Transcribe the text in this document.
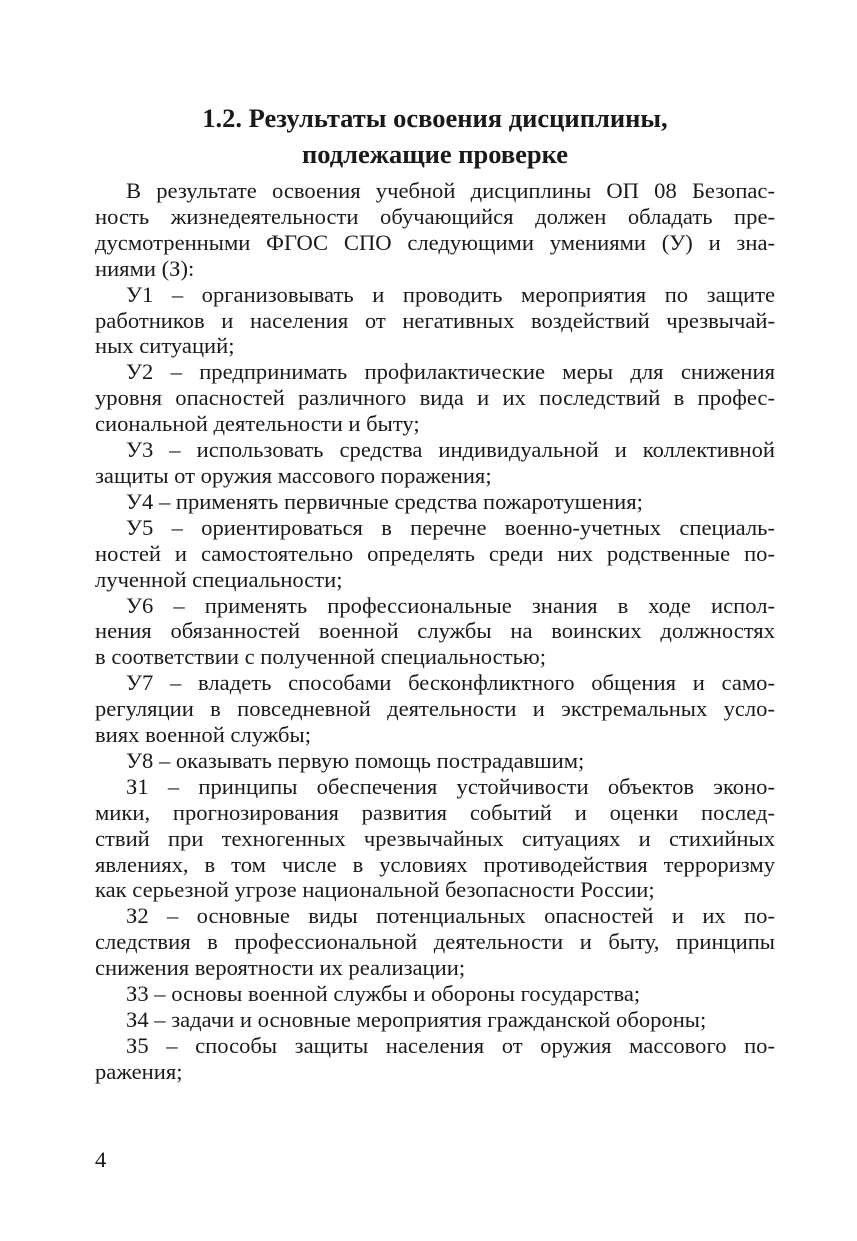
1.2. Результаты освоения дисциплины,
подлежащие проверке

В результате освоения учебной дисциплины ОП 08 Безопас-
ность жизнедеятельности обучающийся должен обладать пре-
дусмотренными ФГОС СПО следующими умениями (У) и зна-
ниями (З):

У1 – организовывать и проводить мероприятия по защите
работников и населения от негативных воздействий чрезвычай-
ных ситуаций;

У2 – предпринимать профилактические меры для снижения
уровня опасностей различного вида и их последствий в профес-
сиональной деятельности и быту;

У3 – использовать средства индивидуальной и коллективной
защиты от оружия массового поражения;

У4 – применять первичные средства пожаротушения;

У5 – ориентироваться в перечне военно-учетных специаль-
ностей и самостоятельно определять среди них родственные по-
лученной специальности;

У6 – применять профессиональные знания в ходе испол-
нения обязанностей военной службы на воинских должностях
в соответствии с полученной специальностью;

У7 – владеть способами бесконфликтного общения и само-
регуляции в повседневной деятельности и экстремальных усло-
виях военной службы;

У8 – оказывать первую помощь пострадавшим;

З1 – принципы обеспечения устойчивости объектов эконо-
мики, прогнозирования развития событий и оценки послед-
ствий при техногенных чрезвычайных ситуациях и стихийных
явлениях, в том числе в условиях противодействия терроризму
как серьезной угрозе национальной безопасности России;

З2 – основные виды потенциальных опасностей и их по-
следствия в профессиональной деятельности и быту, принципы
снижения вероятности их реализации;

З3 – основы военной службы и обороны государства;

З4 – задачи и основные мероприятия гражданской обороны;

З5 – способы защиты населения от оружия массового по-
ражения;

4
